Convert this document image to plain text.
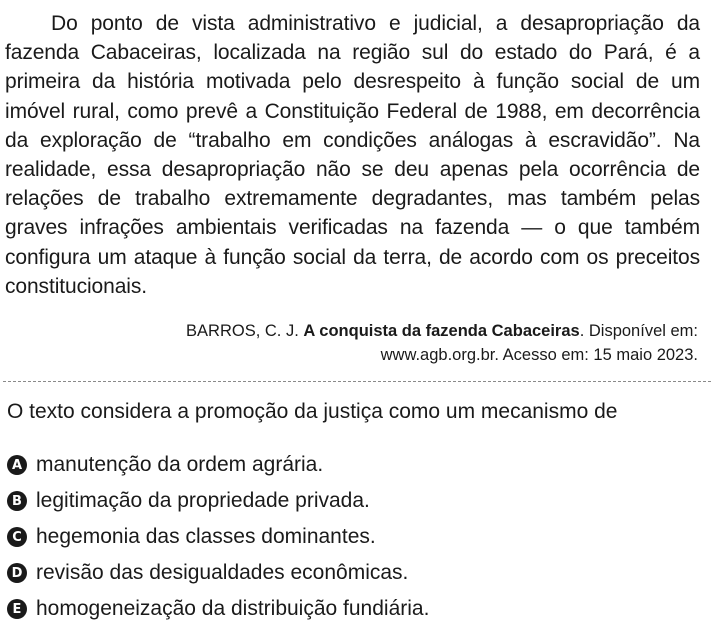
Do ponto de vista administrativo e judicial, a desapropriação da fazenda Cabaceiras, localizada na região sul do estado do Pará, é a primeira da história motivada pelo desrespeito à função social de um imóvel rural, como prevê a Constituição Federal de 1988, em decorrência da exploração de “trabalho em condições análogas à escravidão”. Na realidade, essa desapropriação não se deu apenas pela ocorrência de relações de trabalho extremamente degradantes, mas também pelas graves infrações ambientais verificadas na fazenda — o que também configura um ataque à função social da terra, de acordo com os preceitos constitucionais.

BARROS, C. J. A conquista da fazenda Cabaceiras. Disponível em:
www.agb.org.br. Acesso em: 15 maio 2023.

O texto considera a promoção da justiça como um mecanismo de

A manutenção da ordem agrária.
B legitimação da propriedade privada.
C hegemonia das classes dominantes.
D revisão das desigualdades econômicas.
E homogeneização da distribuição fundiária.
